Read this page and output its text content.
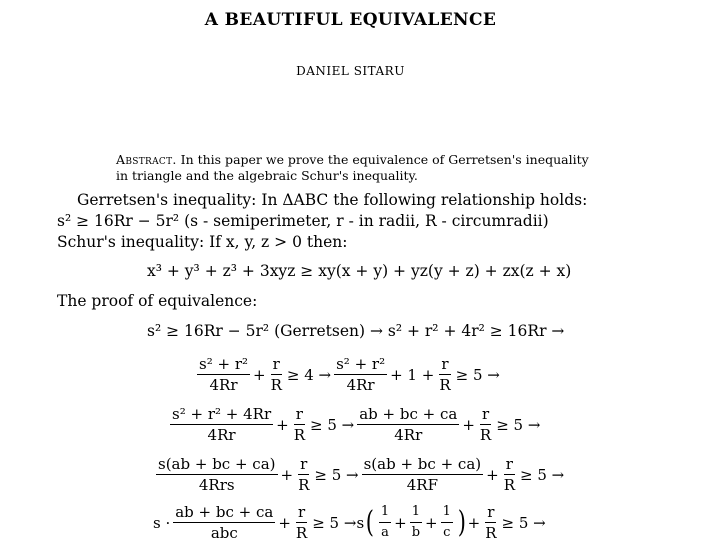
A BEAUTIFUL EQUIVALENCE
DANIEL SITARU
Abstract. In this paper we prove the equivalence of Gerretsen's inequality in triangle and the algebraic Schur's inequality.
Gerretsen's inequality: In ΔABC the following relationship holds:
s² ≥ 16Rr − 5r² (s - semiperimeter, r - in radii, R - circumradii)
Schur's inequality: If x, y, z > 0 then:
x³ + y³ + z³ + 3xyz ≥ xy(x + y) + yz(y + z) + zx(z + x)
The proof of equivalence:
s² ≥ 16Rr − 5r² (Gerretsen) → s² + r² + 4r² ≥ 16Rr →
$\frac{\text{s² + r²}}{4Rr} + \frac{r}{R} \ge 4 \to \frac{\text{s² + r²}}{4Rr} + 1 + \frac{r}{R} \ge 5$ →
$\frac{\text{s² + r² + 4Rr}}{4Rr} + \frac{r}{R} \ge 5 \to \frac{ab + bc + ca}{4Rr} + \frac{r}{R} \ge 5$ →
$\frac{s(ab + bc + ca)}{\text{4Rrs}} + \frac{r}{R} \ge 5 \to \frac{s(ab + bc + ca)}{4RF} + \frac{r}{R} \ge 5$ →
$s \cdot \frac{ab + bc + ca}{\text{abc}} + \frac{r}{R} \ge 5 \to s$ ( $\frac{1}{a} + \frac{1}{b} + \frac{1}{c}$ ) + $\frac{r}{R} \ge 5$ →
